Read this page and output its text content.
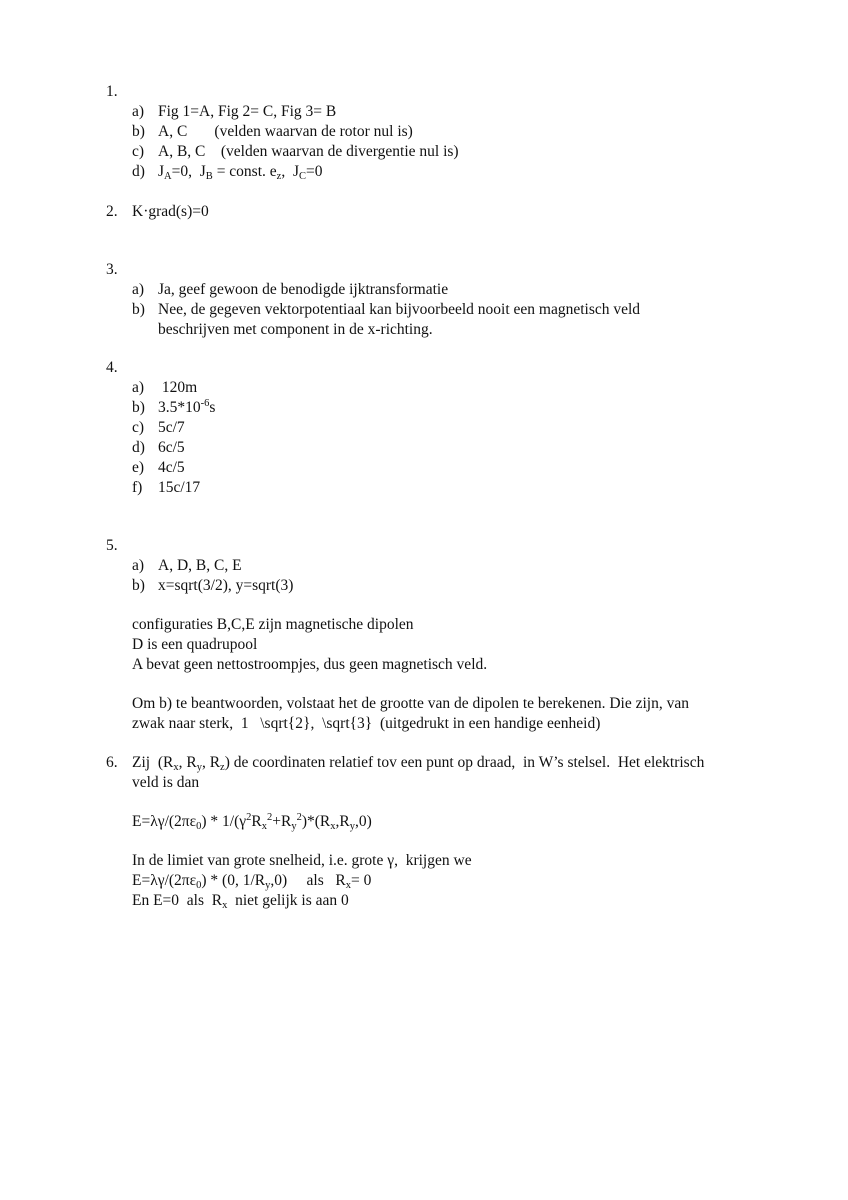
1.
a) Fig 1=A, Fig 2= C, Fig 3= B
b) A, C       (velden waarvan de rotor nul is)
c) A, B, C    (velden waarvan de divergentie nul is)
d) $J_A=0$,  $J_B$ = const. $e_z$,  $J_C=0$
2. K·grad(s)=0
3.
a) Ja, geef gewoon de benodigde ijktransformatie
b) Nee, de gegeven vektorpotentiaal kan bijvoorbeeld nooit een magnetisch veld
beschrijven met component in de x-richting.
4.
a) 120m
b) $3.5*10^{-6}s$
c) 5c/7
d) 6c/5
e) 4c/5
f) 15c/17
5.
a) A, D, B, C, E
b) x=sqrt(3/2), y=sqrt(3)
configuraties B,C,E zijn magnetische dipolen
D is een quadrupool
A bevat geen nettostroompjes, dus geen magnetisch veld.
Om b) te beantwoorden, volstaat het de grootte van de dipolen te berekenen. Die zijn, van
zwak naar sterk,  1   \sqrt{2},  \sqrt{3}  (uitgedrukt in een handige eenheid)
6. Zij  ($R_x$, $R_y$, $R_z$) de coordinaten relatief tov een punt op draad,  in W’s stelsel.  Het elektrisch
veld is dan
$E=\lambda\gamma/(2\pi\varepsilon_0) * 1/(\gamma^2R_x^2+R_y^2)*(R_x,R_y,0)$
In de limiet van grote snelheid, i.e. grote γ,  krijgen we
$E=\lambda\gamma/(2\pi\varepsilon_0) * (0$, $1/R_y,0$)     als   $R_x= 0$
En E=0  als  $R_x$  niet gelijk is aan 0
